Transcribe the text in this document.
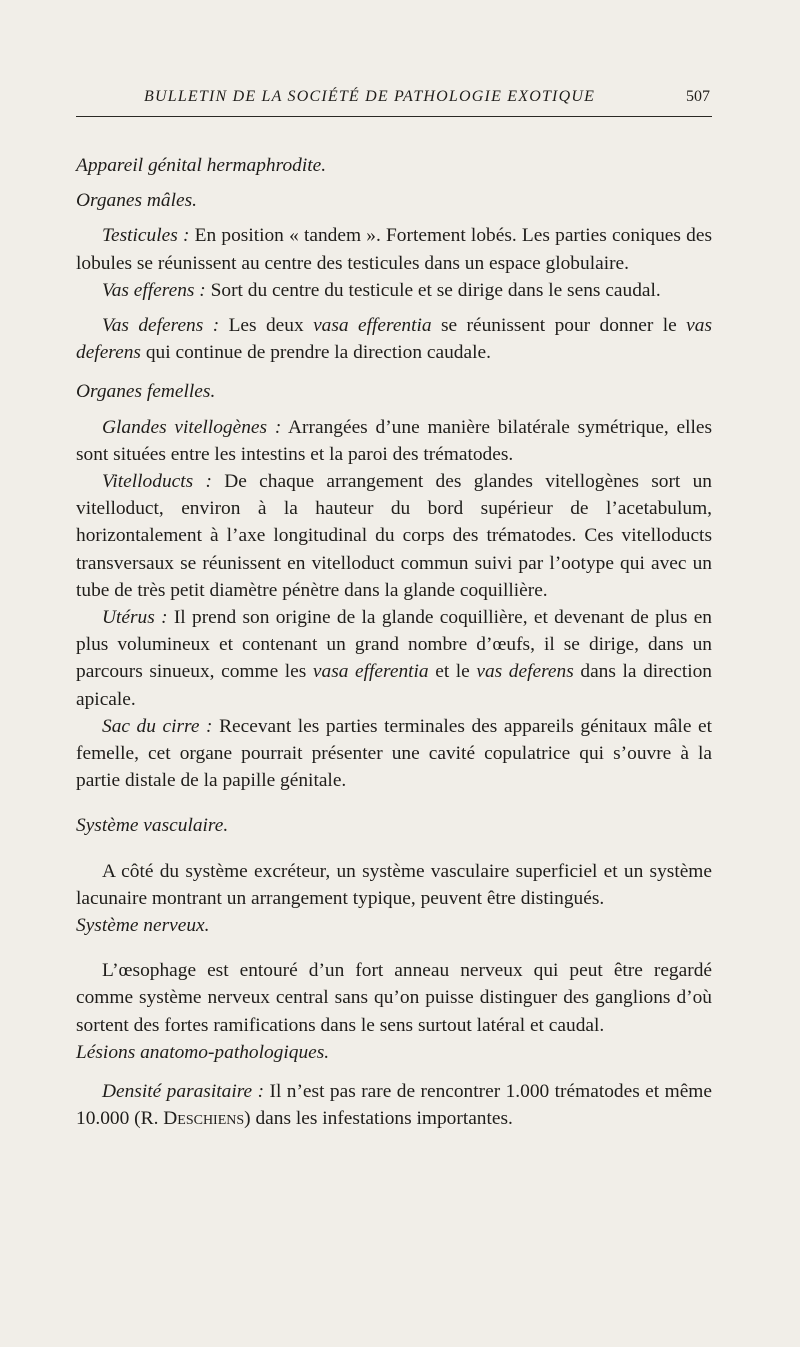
BULLETIN DE LA SOCIÉTÉ DE PATHOLOGIE EXOTIQUE	507

Appareil génital hermaphrodite.

Organes mâles.

Testicules : En position « tandem ». Fortement lobés. Les parties coniques des lobules se réunissent au centre des testicules dans un espace globulaire.

Vas efferens : Sort du centre du testicule et se dirige dans le sens caudal.

Vas deferens : Les deux vasa efferentia se réunissent pour donner le vas deferens qui continue de prendre la direction caudale.

Organes femelles.

Glandes vitellogènes : Arrangées d’une manière bilatérale symétrique, elles sont situées entre les intestins et la paroi des trématodes.

Vitelloducts : De chaque arrangement des glandes vitellogènes sort un vitelloduct, environ à la hauteur du bord supérieur de l’acetabulum, horizontalement à l’axe longitudinal du corps des trématodes. Ces vitelloducts transversaux se réunissent en vitelloduct commun suivi par l’ootype qui avec un tube de très petit diamètre pénètre dans la glande coquillière.

Utérus : Il prend son origine de la glande coquillière, et devenant de plus en plus volumineux et contenant un grand nombre d’œufs, il se dirige, dans un parcours sinueux, comme les vasa efferentia et le vas deferens dans la direction apicale.

Sac du cirre : Recevant les parties terminales des appareils génitaux mâle et femelle, cet organe pourrait présenter une cavité copulatrice qui s’ouvre à la partie distale de la papille génitale.

Système vasculaire.

A côté du système excréteur, un système vasculaire superficiel et un système lacunaire montrant un arrangement typique, peuvent être distingués.

Système nerveux.

L’œsophage est entouré d’un fort anneau nerveux qui peut être regardé comme système nerveux central sans qu’on puisse distinguer des ganglions d’où sortent des fortes ramifications dans le sens surtout latéral et caudal.

Lésions anatomo-pathologiques.

Densité parasitaire : Il n’est pas rare de rencontrer 1.000 trématodes et même 10.000 (R. Deschiens) dans les infestations importantes.
